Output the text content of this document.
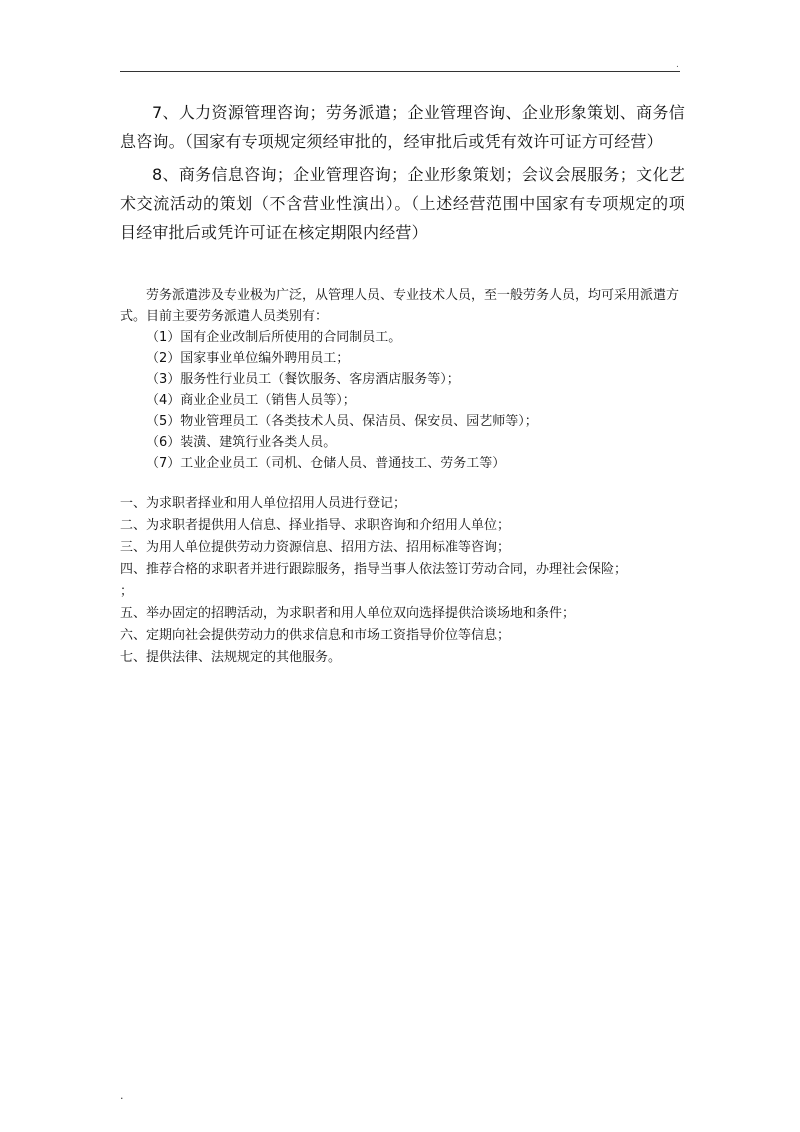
.

7、人力资源管理咨询；劳务派遣；企业管理咨询、企业形象策划、商务信息咨询。（国家有专项规定须经审批的，经审批后或凭有效许可证方可经营）

8、商务信息咨询；企业管理咨询；企业形象策划；会议会展服务；文化艺术交流活动的策划（不含营业性演出）。（上述经营范围中国家有专项规定的项目经审批后或凭许可证在核定期限内经营）

劳务派遣涉及专业极为广泛，从管理人员、专业技术人员，至一般劳务人员，均可采用派遣方式。目前主要劳务派遣人员类别有：

（1）国有企业改制后所使用的合同制员工。
（2）国家事业单位编外聘用员工；
（3）服务性行业员工（餐饮服务、客房酒店服务等）；
（4）商业企业员工（销售人员等）；
（5）物业管理员工（各类技术人员、保洁员、保安员、园艺师等）；
（6）装潢、建筑行业各类人员。
（7）工业企业员工（司机、仓储人员、普通技工、劳务工等）
一、为求职者择业和用人单位招用人员进行登记；
二、为求职者提供用人信息、择业指导、求职咨询和介绍用人单位；
三、为用人单位提供劳动力资源信息、招用方法、招用标准等咨询；
四、推荐合格的求职者并进行跟踪服务，指导当事人依法签订劳动合同，办理社会保险；
；
五、举办固定的招聘活动，为求职者和用人单位双向选择提供洽谈场地和条件；
六、定期向社会提供劳动力的供求信息和市场工资指导价位等信息；
七、提供法律、法规规定的其他服务。
.
